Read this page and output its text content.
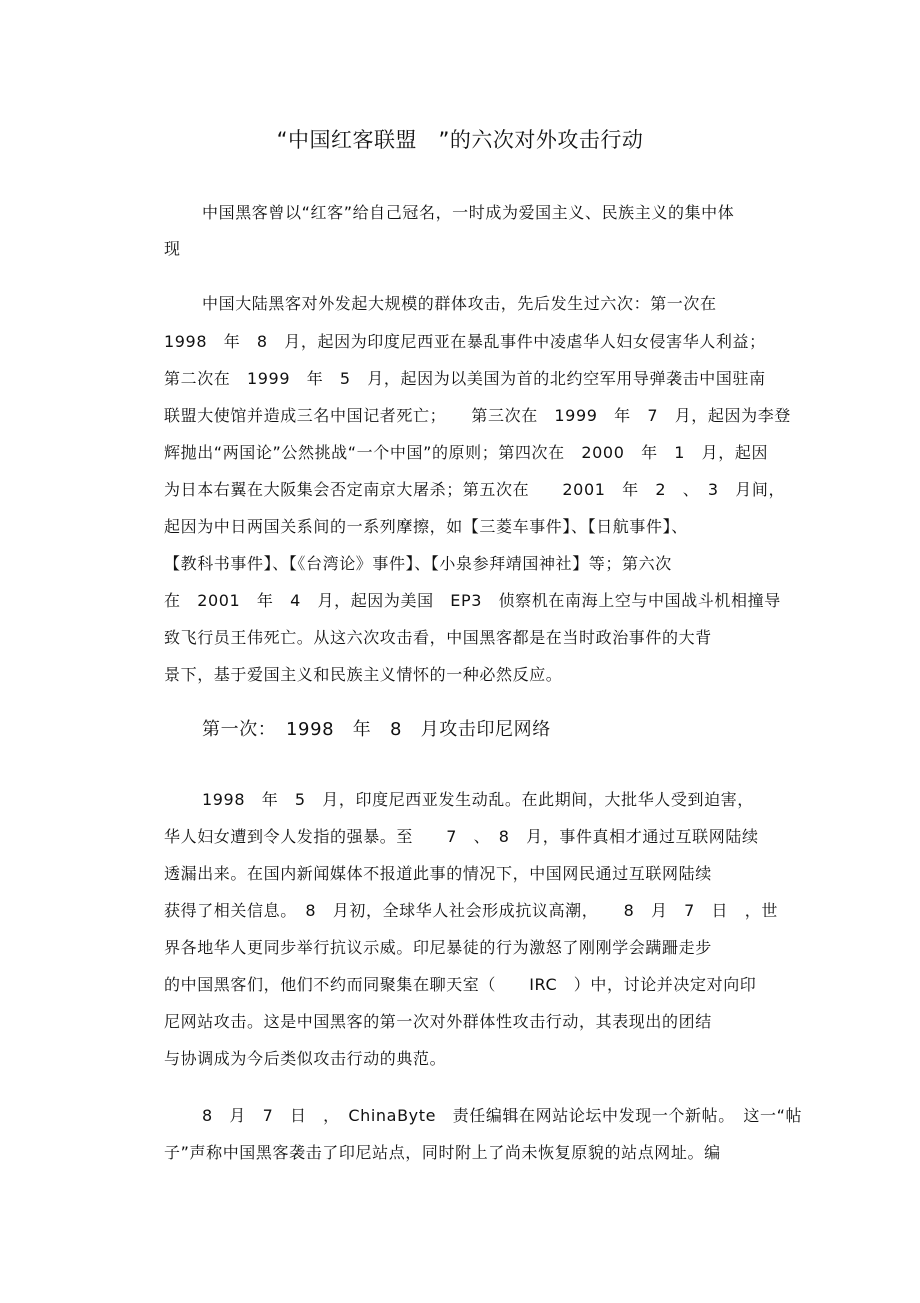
“中国红客联盟　”的六次对外攻击行动
中国黑客曾以“红客”给自己冠名，一时成为爱国主义、民族主义的集中体
现
中国大陆黑客对外发起大规模的群体攻击，先后发生过六次：第一次在
1998　年　8　月，起因为印度尼西亚在暴乱事件中凌虐华人妇女侵害华人利益；
第二次在　1999　年　5　月，起因为以美国为首的北约空军用导弹袭击中国驻南
联盟大使馆并造成三名中国记者死亡；　　第三次在　1999　年　7　月，起因为李登
辉抛出“两国论”公然挑战“一个中国”的原则；第四次在　2000　年　1　月，起因
为日本右翼在大阪集会否定南京大屠杀；第五次在　　2001　年　2　、　3　月间，
起因为中日两国关系间的一系列摩擦，如【三菱车事件】、【日航事件】、
【教科书事件】、【《台湾论》事件】、【小泉参拜靖国神社】等；第六次
在　2001　年　4　月，起因为美国　EP3　侦察机在南海上空与中国战斗机相撞导
致飞行员王伟死亡。从这六次攻击看，中国黑客都是在当时政治事件的大背
景下，基于爱国主义和民族主义情怀的一种必然反应。
第一次：　1998　年　8　月攻击印尼网络
1998　年　5　月，印度尼西亚发生动乱。在此期间，大批华人受到迫害，
华人妇女遭到令人发指的强暴。至　　7　、　8　月，事件真相才通过互联网陆续
透漏出来。在国内新闻媒体不报道此事的情况下，中国网民通过互联网陆续
获得了相关信息。　8　月初，全球华人社会形成抗议高潮，　　8　月　7　日　，世
界各地华人更同步举行抗议示威。印尼暴徒的行为激怒了刚刚学会蹒跚走步
的中国黑客们，他们不约而同聚集在聊天室（　　IRC　）中，讨论并决定对向印
尼网站攻击。这是中国黑客的第一次对外群体性攻击行动，其表现出的团结
与协调成为今后类似攻击行动的典范。
8　月　7　日　，　ChinaByte　责任编辑在网站论坛中发现一个新帖。　这一“帖
子”声称中国黑客袭击了印尼站点，同时附上了尚未恢复原貌的站点网址。编
